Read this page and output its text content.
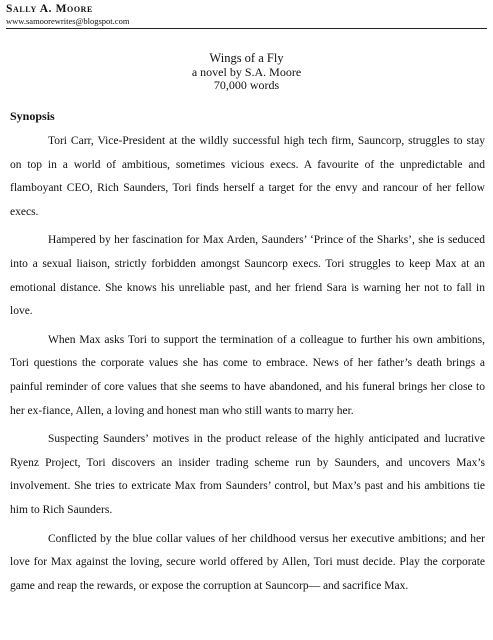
Sally A. Moore
www.samoorewrites@blogspot.com
Wings of a Fly
a novel by S.A. Moore
70,000 words
Synopsis

Tori Carr, Vice-President at the wildly successful high tech firm, Sauncorp, struggles to stay on top in a world of ambitious, sometimes vicious execs. A favourite of the unpredictable and flamboyant CEO, Rich Saunders, Tori finds herself a target for the envy and rancour of her fellow execs.

Hampered by her fascination for Max Arden, Saunders’ ‘Prince of the Sharks’, she is seduced into a sexual liaison, strictly forbidden amongst Sauncorp execs. Tori struggles to keep Max at an emotional distance. She knows his unreliable past, and her friend Sara is warning her not to fall in love.

When Max asks Tori to support the termination of a colleague to further his own ambitions, Tori questions the corporate values she has come to embrace. News of her father’s death brings a painful reminder of core values that she seems to have abandoned, and his funeral brings her close to her ex-fiance, Allen, a loving and honest man who still wants to marry her.

Suspecting Saunders’ motives in the product release of the highly anticipated and lucrative Ryenz Project, Tori discovers an insider trading scheme run by Saunders, and uncovers Max’s involvement. She tries to extricate Max from Saunders’ control, but Max’s past and his ambitions tie him to Rich Saunders.

Conflicted by the blue collar values of her childhood versus her executive ambitions; and her love for Max against the loving, secure world offered by Allen, Tori must decide. Play the corporate game and reap the rewards, or expose the corruption at Sauncorp— and sacrifice Max.
